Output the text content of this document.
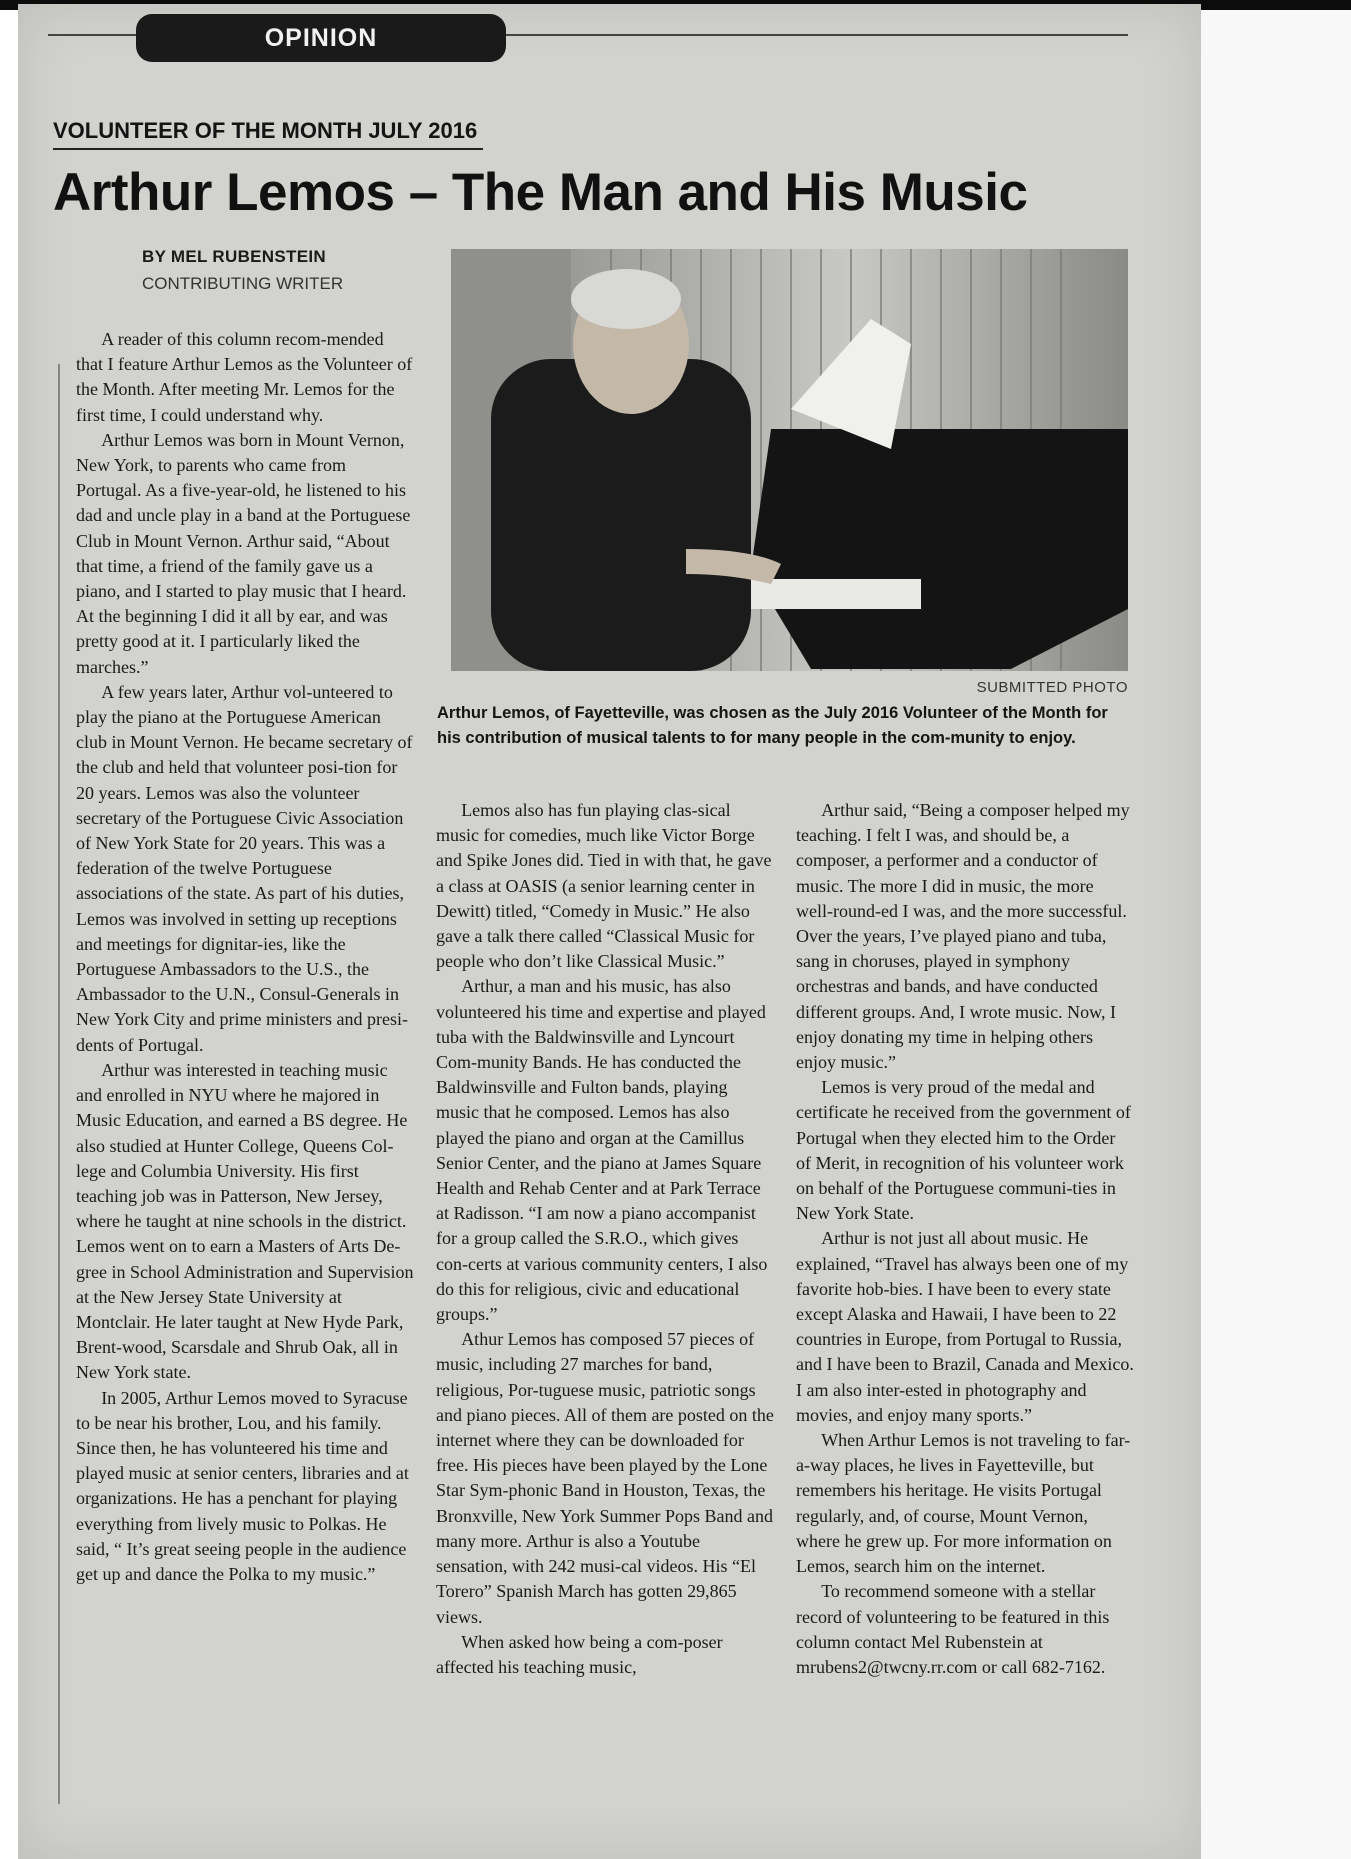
OPINION
VOLUNTEER OF THE MONTH JULY 2016
Arthur Lemos – The Man and His Music
BY MEL RUBENSTEIN
CONTRIBUTING WRITER
SUBMITTED PHOTO
Arthur Lemos, of Fayetteville, was chosen as the July 2016 Volunteer of the Month for his contribution of musical talents to for many people in the com-munity to enjoy.

A reader of this column recom-mended that I feature Arthur Lemos as the Volunteer of the Month. After meeting Mr. Lemos for the first time, I could understand why.

Arthur Lemos was born in Mount Vernon, New York, to parents who came from Portugal. As a five-year-old, he listened to his dad and uncle play in a band at the Portuguese Club in Mount Vernon. Arthur said, “About that time, a friend of the family gave us a piano, and I started to play music that I heard. At the beginning I did it all by ear, and was pretty good at it. I particularly liked the marches.”

A few years later, Arthur vol-unteered to play the piano at the Portuguese American club in Mount Vernon. He became secretary of the club and held that volunteer posi-tion for 20 years. Lemos was also the volunteer secretary of the Portuguese Civic Association of New York State for 20 years. This was a federation of the twelve Portuguese associations of the state. As part of his duties, Lemos was involved in setting up receptions and meetings for dignitar-ies, like the Portuguese Ambassadors to the U.S., the Ambassador to the U.N., Consul-Generals in New York City and prime ministers and presi-dents of Portugal.

Arthur was interested in teaching music and enrolled in NYU where he majored in Music Education, and earned a BS degree. He also studied at Hunter College, Queens Col-lege and Columbia University. His first teaching job was in Patterson, New Jersey, where he taught at nine schools in the district. Lemos went on to earn a Masters of Arts De-gree in School Administration and Supervision at the New Jersey State University at Montclair. He later taught at New Hyde Park, Brent-wood, Scarsdale and Shrub Oak, all in New York state.

In 2005, Arthur Lemos moved to Syracuse to be near his brother, Lou, and his family. Since then, he has volunteered his time and played music at senior centers, libraries and at organizations. He has a penchant for playing everything from lively music to Polkas. He said, “ It’s great seeing people in the audience get up and dance the Polka to my music.”

Lemos also has fun playing clas-sical music for comedies, much like Victor Borge and Spike Jones did. Tied in with that, he gave a class at OASIS (a senior learning center in Dewitt) titled, “Comedy in Music.” He also gave a talk there called “Classical Music for people who don’t like Classical Music.”

Arthur, a man and his music, has also volunteered his time and expertise and played tuba with the Baldwinsville and Lyncourt Com-munity Bands. He has conducted the Baldwinsville and Fulton bands, playing music that he composed. Lemos has also played the piano and organ at the Camillus Senior Center, and the piano at James Square Health and Rehab Center and at Park Terrace at Radisson. “I am now a piano accompanist for a group called the S.R.O., which gives con-certs at various community centers, I also do this for religious, civic and educational groups.”

Athur Lemos has composed 57 pieces of music, including 27 marches for band, religious, Por-tuguese music, patriotic songs and piano pieces. All of them are posted on the internet where they can be downloaded for free. His pieces have been played by the Lone Star Sym-phonic Band in Houston, Texas, the Bronxville, New York Summer Pops Band and many more. Arthur is also a Youtube sensation, with 242 musi-cal videos. His “El Torero” Spanish March has gotten 29,865 views.

When asked how being a com-poser affected his teaching music,

Arthur said, “Being a composer helped my teaching. I felt I was, and should be, a composer, a performer and a conductor of music. The more I did in music, the more well-round-ed I was, and the more successful. Over the years, I’ve played piano and tuba, sang in choruses, played in symphony orchestras and bands, and have conducted different groups. And, I wrote music. Now, I enjoy donating my time in helping others enjoy music.”

Lemos is very proud of the medal and certificate he received from the government of Portugal when they elected him to the Order of Merit, in recognition of his volunteer work on behalf of the Portuguese communi-ties in New York State.

Arthur is not just all about music. He explained, “Travel has always been one of my favorite hob-bies. I have been to every state except Alaska and Hawaii, I have been to 22 countries in Europe, from Portugal to Russia, and I have been to Brazil, Canada and Mexico. I am also inter-ested in photography and movies, and enjoy many sports.”

When Arthur Lemos is not traveling to far-a-way places, he lives in Fayetteville, but remembers his heritage. He visits Portugal regularly, and, of course, Mount Vernon, where he grew up. For more information on Lemos, search him on the internet.

To recommend someone with a stellar record of volunteering to be featured in this column contact Mel Rubenstein at mrubens2@twcny.rr.com or call 682-7162.
